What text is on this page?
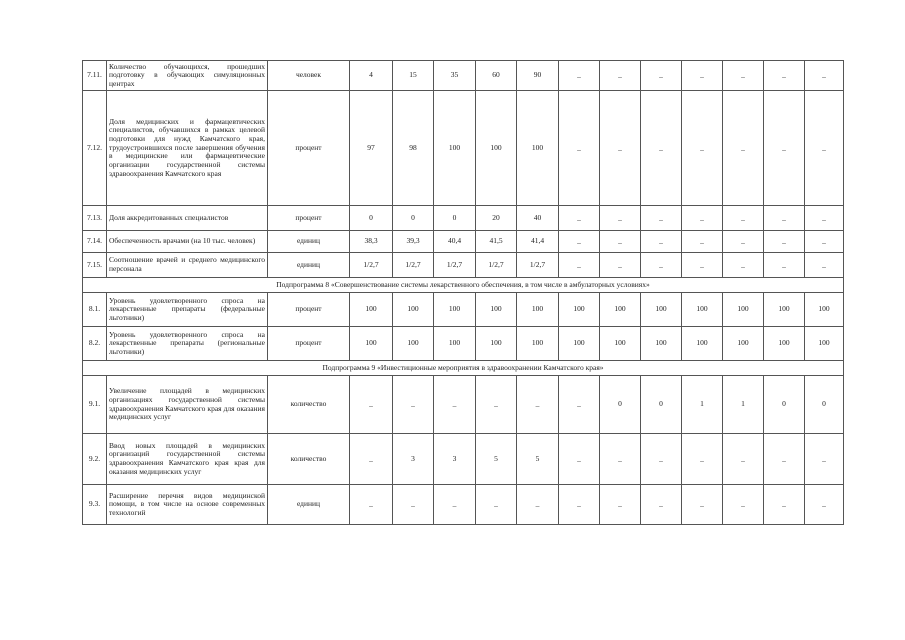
7.11.	Количество обучающихся, прошедших подготовку в обучающих симуляционных центрах	человек	4	15	35	60	90	_	_	_	_	_	_	_
7.12.	Доля медицинских и фармацевтических специалистов, обучавшихся в рамках целевой подготовки для нужд Камчатского края, трудоустроившихся после завершения обучения в медицинские или фармацевтические организации государственной системы здравоохранения Камчатского края	процент	97	98	100	100	100	_	_	_	_	_	_	_
7.13.	Доля аккредитованных специалистов	процент	0	0	0	20	40	_	_	_	_	_	_	_
7.14.	Обеспеченность врачами (на 10 тыс. человек)	единиц	38,3	39,3	40,4	41,5	41,4	_	_	_	_	_	_	_
7.15.	Соотношение врачей и среднего медицинского персонала	единиц	1/2,7	1/2,7	1/2,7	1/2,7	1/2,7	_	_	_	_	_	_	_
Подпрограмма 8 «Совершенствование системы лекарственного обеспечения, в том числе в амбулаторных условиях»														
8.1.	Уровень удовлетворенного спроса на лекарственные препараты (федеральные льготники)	процент	100	100	100	100	100	100	100	100	100	100	100	100
8.2.	Уровень удовлетворенного спроса на лекарственные препараты (региональные льготники)	процент	100	100	100	100	100	100	100	100	100	100	100	100
Подпрограмма 9 «Инвестиционные мероприятия в здравоохранении Камчатского края»														
9.1.	Увеличение площадей в медицинских организациях государственной системы здравоохранения Камчатского края для оказания медицинских услуг	количество	_	_	_	_	_	_	0	0	1	1	0	0
9.2.	Ввод новых площадей в медицинских организаций государственной системы здравоохранения Камчатского края края для оказания медицинских услуг	количество	_	3	3	5	5	_	_	_	_	_	_	_
9.3.	Расширение перечня видов медицинской помощи, в том числе на основе современных технологий	единиц	_	_	_	_	_	_	_	_	_	_	_	_
